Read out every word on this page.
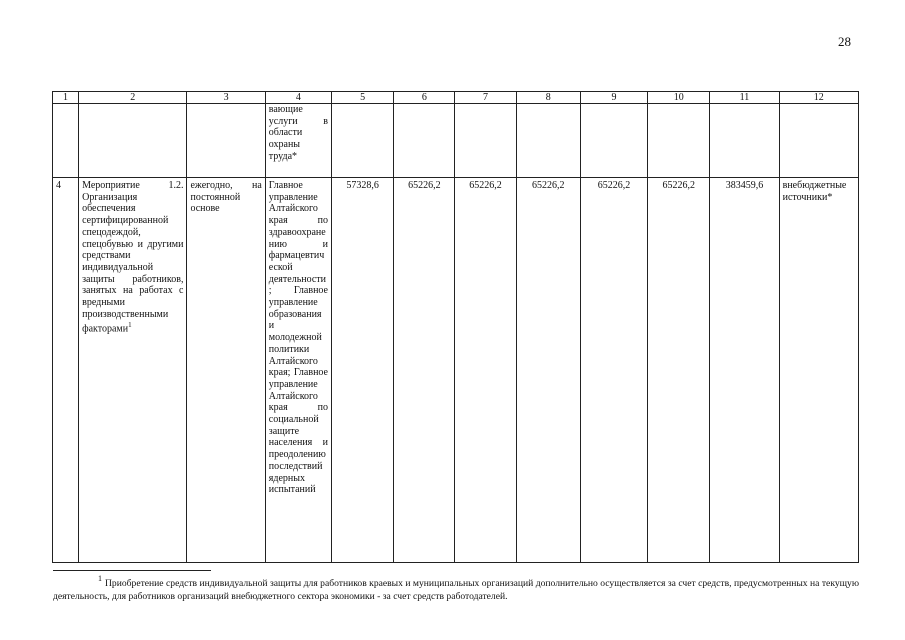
28
1	2	3	4	5	6	7	8	9	10	11	12
			вающие услуги в области охраны труда*								
4	Мероприятие 1.2. Организация обеспечения сертифицированной спецодеждой, спецобувью и другими средствами индивидуальной защиты работников, занятых на работах с вредными производственными факторами$^1$	ежегодно, на постоянной основе	Главное управление Алтайского края по здравоохранению и фармацевтической деятельности; Главное управление образования и молодежной политики Алтайского края; Главное управление Алтайского края по социальной защите населения и преодолению последствий ядерных испытаний	57328,6	65226,2	65226,2	65226,2	65226,2	65226,2	383459,6	внебюджетные источники*
$^1$ Приобретение средств индивидуальной защиты для работников краевых и муниципальных организаций дополнительно осуществляется за счет средств, предусмотренных на текущую деятельность, для работников организаций внебюджетного сектора экономики - за счет средств работодателей.
